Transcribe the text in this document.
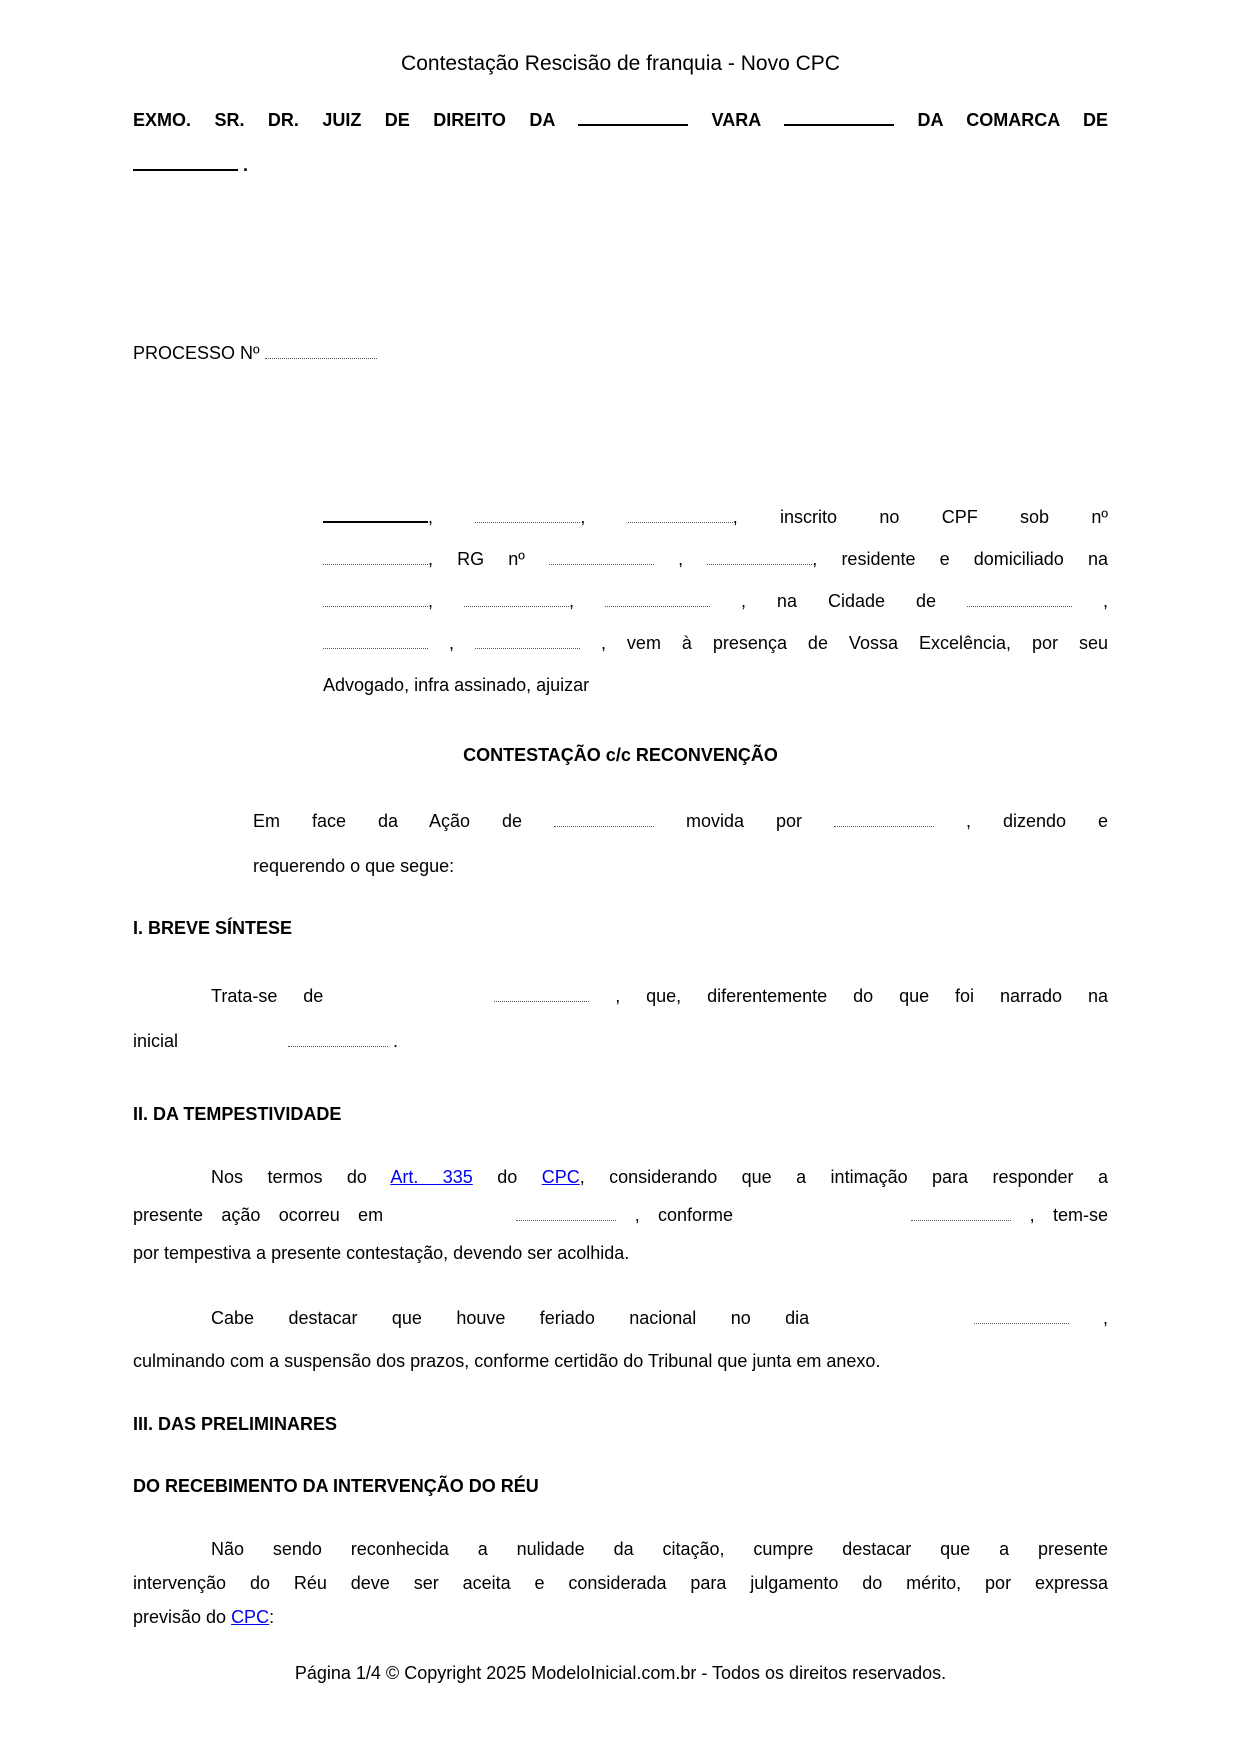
Contestação Rescisão de franquia - Novo CPC
EXMO. SR. DR. JUIZ DE DIREITO DA	VARA	DA COMARCA DE
.
PROCESSO Nº
,	,	, inscrito no CPF sob nº
, RG nº	,	, residente e domiciliado na
,	,	, na Cidade de	,
,	, vem à presença de Vossa Excelência, por seu
Advogado, infra assinado, ajuizar
CONTESTAÇÃO c/c RECONVENÇÃO
Em face da Ação de	movida por	, dizendo e
requerendo o que segue:
I. BREVE SÍNTESE
Trata-se de	, que, diferentemente do que foi narrado na
inicial	.
II. DA TEMPESTIVIDADE
Nos termos do Art. 335 do CPC, considerando que a intimação para responder a
presente ação ocorreu em	, conforme	, tem-se
por tempestiva a presente contestação, devendo ser acolhida.
Cabe destacar que houve feriado nacional no dia	,
culminando com a suspensão dos prazos, conforme certidão do Tribunal que junta em anexo.
III. DAS PRELIMINARES
DO RECEBIMENTO DA INTERVENÇÃO DO RÉU
Não sendo reconhecida a nulidade da citação, cumpre destacar que a presente
intervenção do Réu deve ser aceita e considerada para julgamento do mérito, por expressa
previsão do CPC:
Página 1/4 © Copyright 2025 ModeloInicial.com.br - Todos os direitos reservados.
